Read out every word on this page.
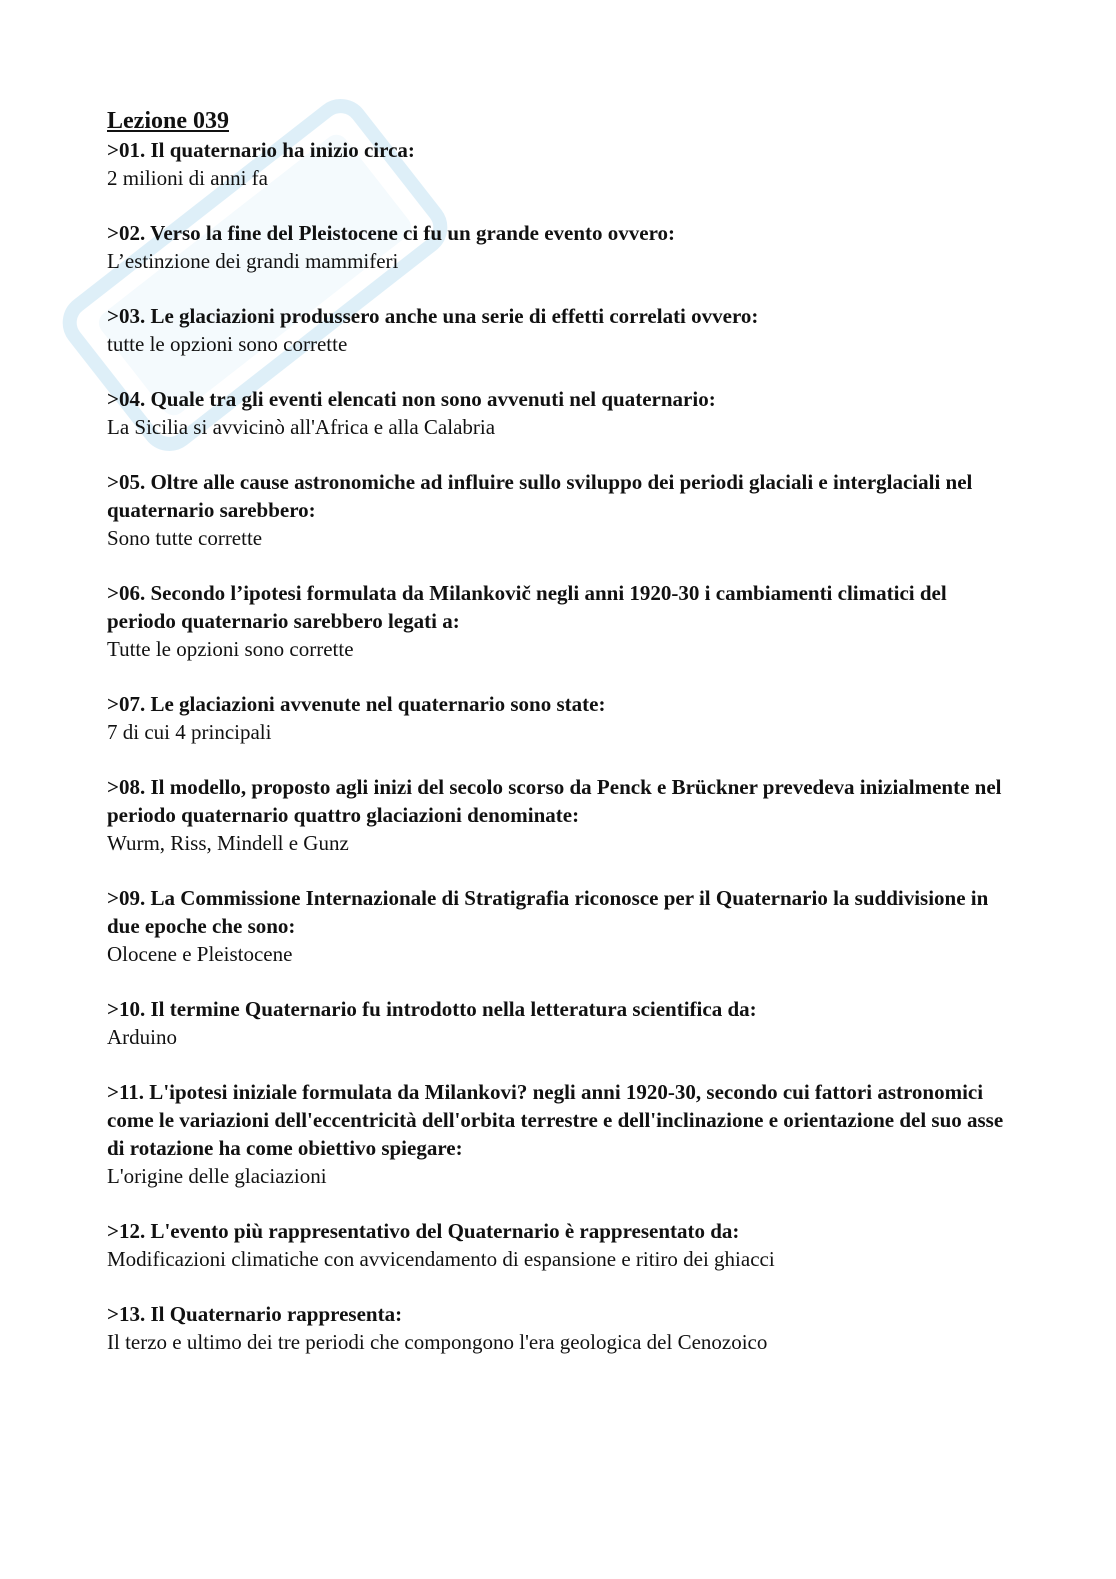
Lezione 039

>01. Il quaternario ha inizio circa:

2 milioni di anni fa

>02. Verso la fine del Pleistocene ci fu un grande evento ovvero:

L’estinzione dei grandi mammiferi

>03. Le glaciazioni produssero anche una serie di effetti correlati ovvero:

tutte le opzioni sono corrette

>04. Quale tra gli eventi elencati non sono avvenuti nel quaternario:

La Sicilia si avvicinò all'Africa e alla Calabria

>05. Oltre alle cause astronomiche ad influire sullo sviluppo dei periodi glaciali e interglaciali nel quaternario sarebbero:

Sono tutte corrette

>06. Secondo l’ipotesi formulata da Milankovič negli anni 1920-30 i cambiamenti climatici del periodo quaternario sarebbero legati a:

Tutte le opzioni sono corrette

>07. Le glaciazioni avvenute nel quaternario sono state:

7 di cui 4 principali

>08. Il modello, proposto agli inizi del secolo scorso da Penck e Brückner prevedeva inizialmente nel periodo quaternario quattro glaciazioni denominate:

Wurm, Riss, Mindell e Gunz

>09. La Commissione Internazionale di Stratigrafia riconosce per il Quaternario la suddivisione in due epoche che sono:

Olocene e Pleistocene

>10. Il termine Quaternario fu introdotto nella letteratura scientifica da:

Arduino

>11. L'ipotesi iniziale formulata da Milankovi? negli anni 1920-30, secondo cui fattori astronomici come le variazioni dell'eccentricità dell'orbita terrestre e dell'inclinazione e orientazione del suo asse di rotazione ha come obiettivo spiegare:

L'origine delle glaciazioni

>12. L'evento più rappresentativo del Quaternario è rappresentato da:

Modificazioni climatiche con avvicendamento di espansione e ritiro dei ghiacci

>13. Il Quaternario rappresenta:

Il terzo e ultimo dei tre periodi che compongono l'era geologica del Cenozoico
